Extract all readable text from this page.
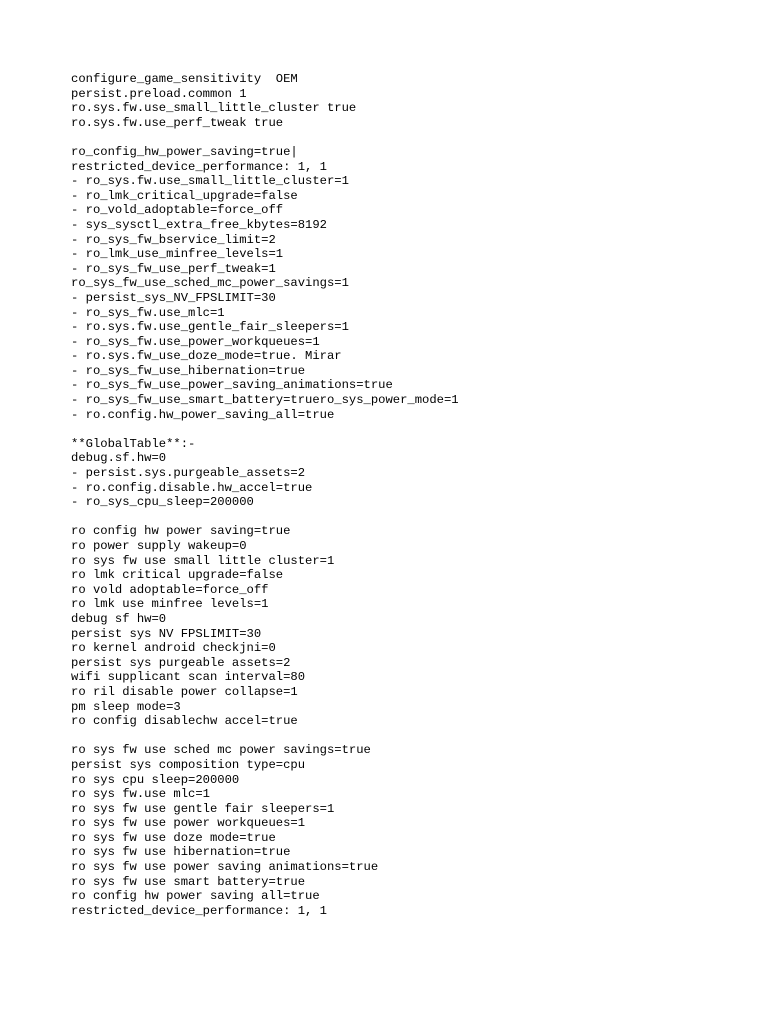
configure_game_sensitivity  OEM
persist.preload.common 1
ro.sys.fw.use_small_little_cluster true
ro.sys.fw.use_perf_tweak true
ro_config_hw_power_saving=true|
restricted_device_performance: 1, 1
- ro_sys.fw.use_small_little_cluster=1
- ro_lmk_critical_upgrade=false
- ro_vold_adoptable=force_off
- sys_sysctl_extra_free_kbytes=8192
- ro_sys_fw_bservice_limit=2
- ro_lmk_use_minfree_levels=1
- ro_sys_fw_use_perf_tweak=1
ro_sys_fw_use_sched_mc_power_savings=1
- persist_sys_NV_FPSLIMIT=30
- ro_sys_fw.use_mlc=1
- ro.sys.fw.use_gentle_fair_sleepers=1
- ro_sys_fw.use_power_workqueues=1
- ro.sys.fw_use_doze_mode=true. Mirar
- ro_sys_fw_use_hibernation=true
- ro_sys_fw_use_power_saving_animations=true
- ro_sys_fw_use_smart_battery=truero_sys_power_mode=1
- ro.config.hw_power_saving_all=true
**GlobalTable**:-
debug.sf.hw=0
- persist.sys.purgeable_assets=2
- ro.config.disable.hw_accel=true
- ro_sys_cpu_sleep=200000
ro config hw power saving=true
ro power supply wakeup=0
ro sys fw use small little cluster=1
ro lmk critical upgrade=false
ro vold adoptable=force_off
ro lmk use minfree levels=1
debug sf hw=0
persist sys NV FPSLIMIT=30
ro kernel android checkjni=0
persist sys purgeable assets=2
wifi supplicant scan interval=80
ro ril disable power collapse=1
pm sleep mode=3
ro config disablechw accel=true
ro sys fw use sched mc power savings=true
persist sys composition type=cpu
ro sys cpu sleep=200000
ro sys fw.use mlc=1
ro sys fw use gentle fair sleepers=1
ro sys fw use power workqueues=1
ro sys fw use doze mode=true
ro sys fw use hibernation=true
ro sys fw use power saving animations=true
ro sys fw use smart battery=true
ro config hw power saving all=true
restricted_device_performance: 1, 1
